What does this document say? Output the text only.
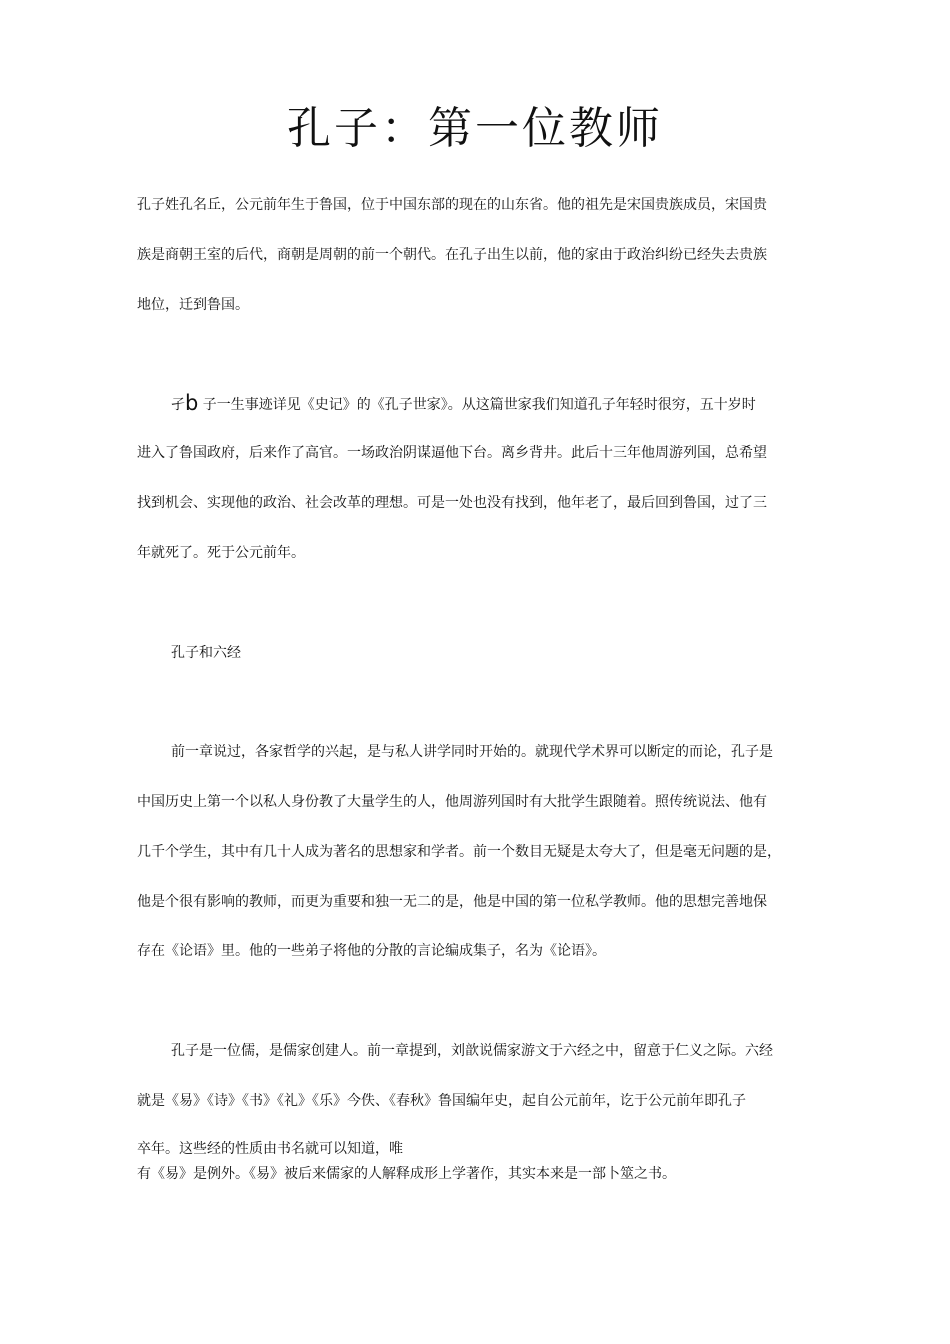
孔子：第一位教师
孔子姓孔名丘，公元前年生于鲁国，位于中国东部的现在的山东省。他的祖先是宋国贵族成员，宋国贵
族是商朝王室的后代，商朝是周朝的前一个朝代。在孔子出生以前，他的家由于政治纠纷已经失去贵族
地位，迁到鲁国。
孑b 子一生事迹详见《史记》的《孔子世家》。从这篇世家我们知道孔子年轻时很穷，五十岁时
进入了鲁国政府，后来作了高官。一场政治阴谋逼他下台。离乡背井。此后十三年他周游列国，总希望
找到机会、实现他的政治、社会改革的理想。可是一处也没有找到，他年老了，最后回到鲁国，过了三
年就死了。死于公元前年。
孔子和六经
前一章说过，各家哲学的兴起，是与私人讲学同时开始的。就现代学术界可以断定的而论，孔子是
中国历史上第一个以私人身份教了大量学生的人，他周游列国时有大批学生跟随着。照传统说法、他有
几千个学生，其中有几十人成为著名的思想家和学者。前一个数目无疑是太夸大了，但是毫无问题的是，
他是个很有影响的教师，而更为重要和独一无二的是，他是中国的第一位私学教师。他的思想完善地保
存在《论语》里。他的一些弟子将他的分散的言论编成集子，名为《论语》。
孔子是一位儒，是儒家创建人。前一章提到，刘歆说儒家游文于六经之中，留意于仁义之际。六经
就是《易》《诗》《书》《礼》《乐》今佚、《春秋》鲁国编年史，起自公元前年，讫于公元前年即孔子
卒年。这些经的性质由书名就可以知道，唯
有《易》是例外。《易》被后来儒家的人解释成形上学著作，其实本来是一部卜筮之书。
